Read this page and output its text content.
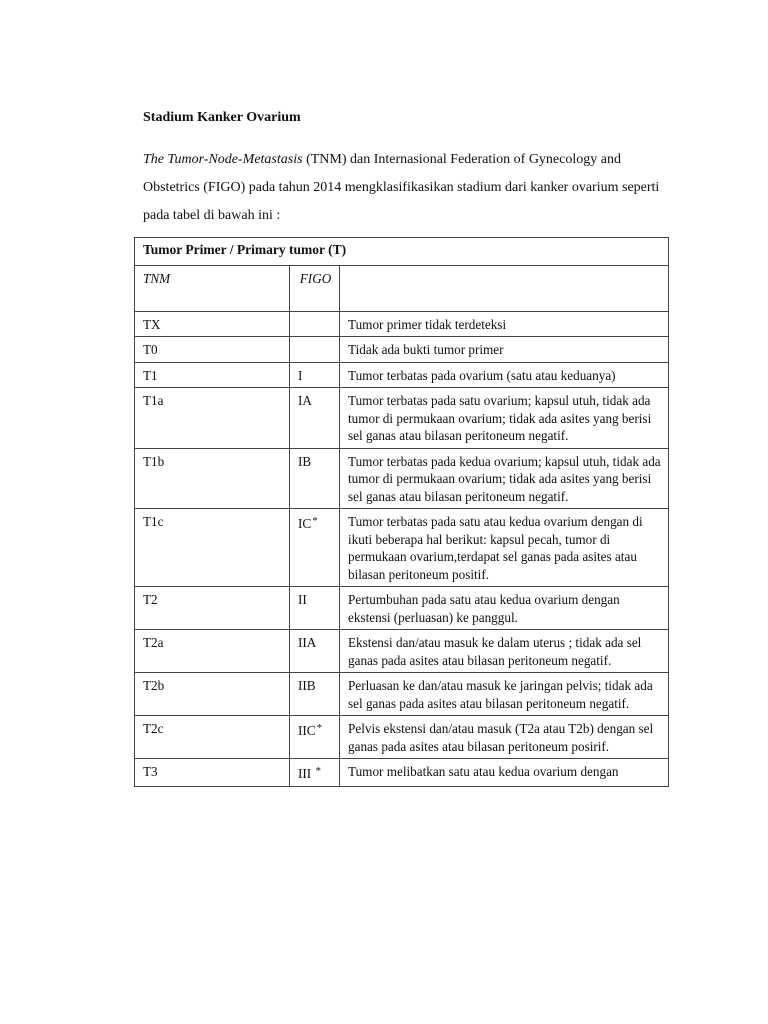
Stadium Kanker Ovarium
The Tumor-Node-Metastasis (TNM) dan Internasional Federation of Gynecology and Obstetrics (FIGO) pada tahun 2014 mengklasifikasikan stadium dari kanker ovarium seperti pada tabel di bawah ini :
Tumor Primer / Primary tumor (T)		
TNM	FIGO	
TX		Tumor primer tidak terdeteksi
T0		Tidak ada bukti tumor primer
T1	I	Tumor terbatas pada ovarium (satu atau keduanya)
T1a	IA	Tumor terbatas pada satu ovarium; kapsul utuh, tidak ada tumor di permukaan ovarium; tidak ada asites yang berisi sel ganas atau bilasan peritoneum negatif.
T1b	IB	Tumor terbatas pada kedua ovarium; kapsul utuh, tidak ada tumor di permukaan ovarium; tidak ada asites yang berisi sel ganas atau bilasan peritoneum negatif.
T1c	IC*	Tumor terbatas pada satu atau kedua ovarium dengan di ikuti beberapa hal berikut: kapsul pecah, tumor di permukaan ovarium,terdapat sel ganas pada asites atau bilasan peritoneum positif.
T2	II	Pertumbuhan pada satu atau kedua ovarium dengan ekstensi (perluasan) ke panggul.
T2a	IIA	Ekstensi dan/atau masuk ke dalam uterus ; tidak ada sel ganas pada asites atau bilasan peritoneum negatif.
T2b	IIB	Perluasan ke dan/atau masuk ke jaringan pelvis; tidak ada sel ganas pada asites atau bilasan peritoneum negatif.
T2c	IIC*	Pelvis ekstensi dan/atau masuk (T2a atau T2b) dengan sel ganas pada asites atau bilasan peritoneum posirif.
T3	III *	Tumor melibatkan satu atau kedua ovarium dengan
